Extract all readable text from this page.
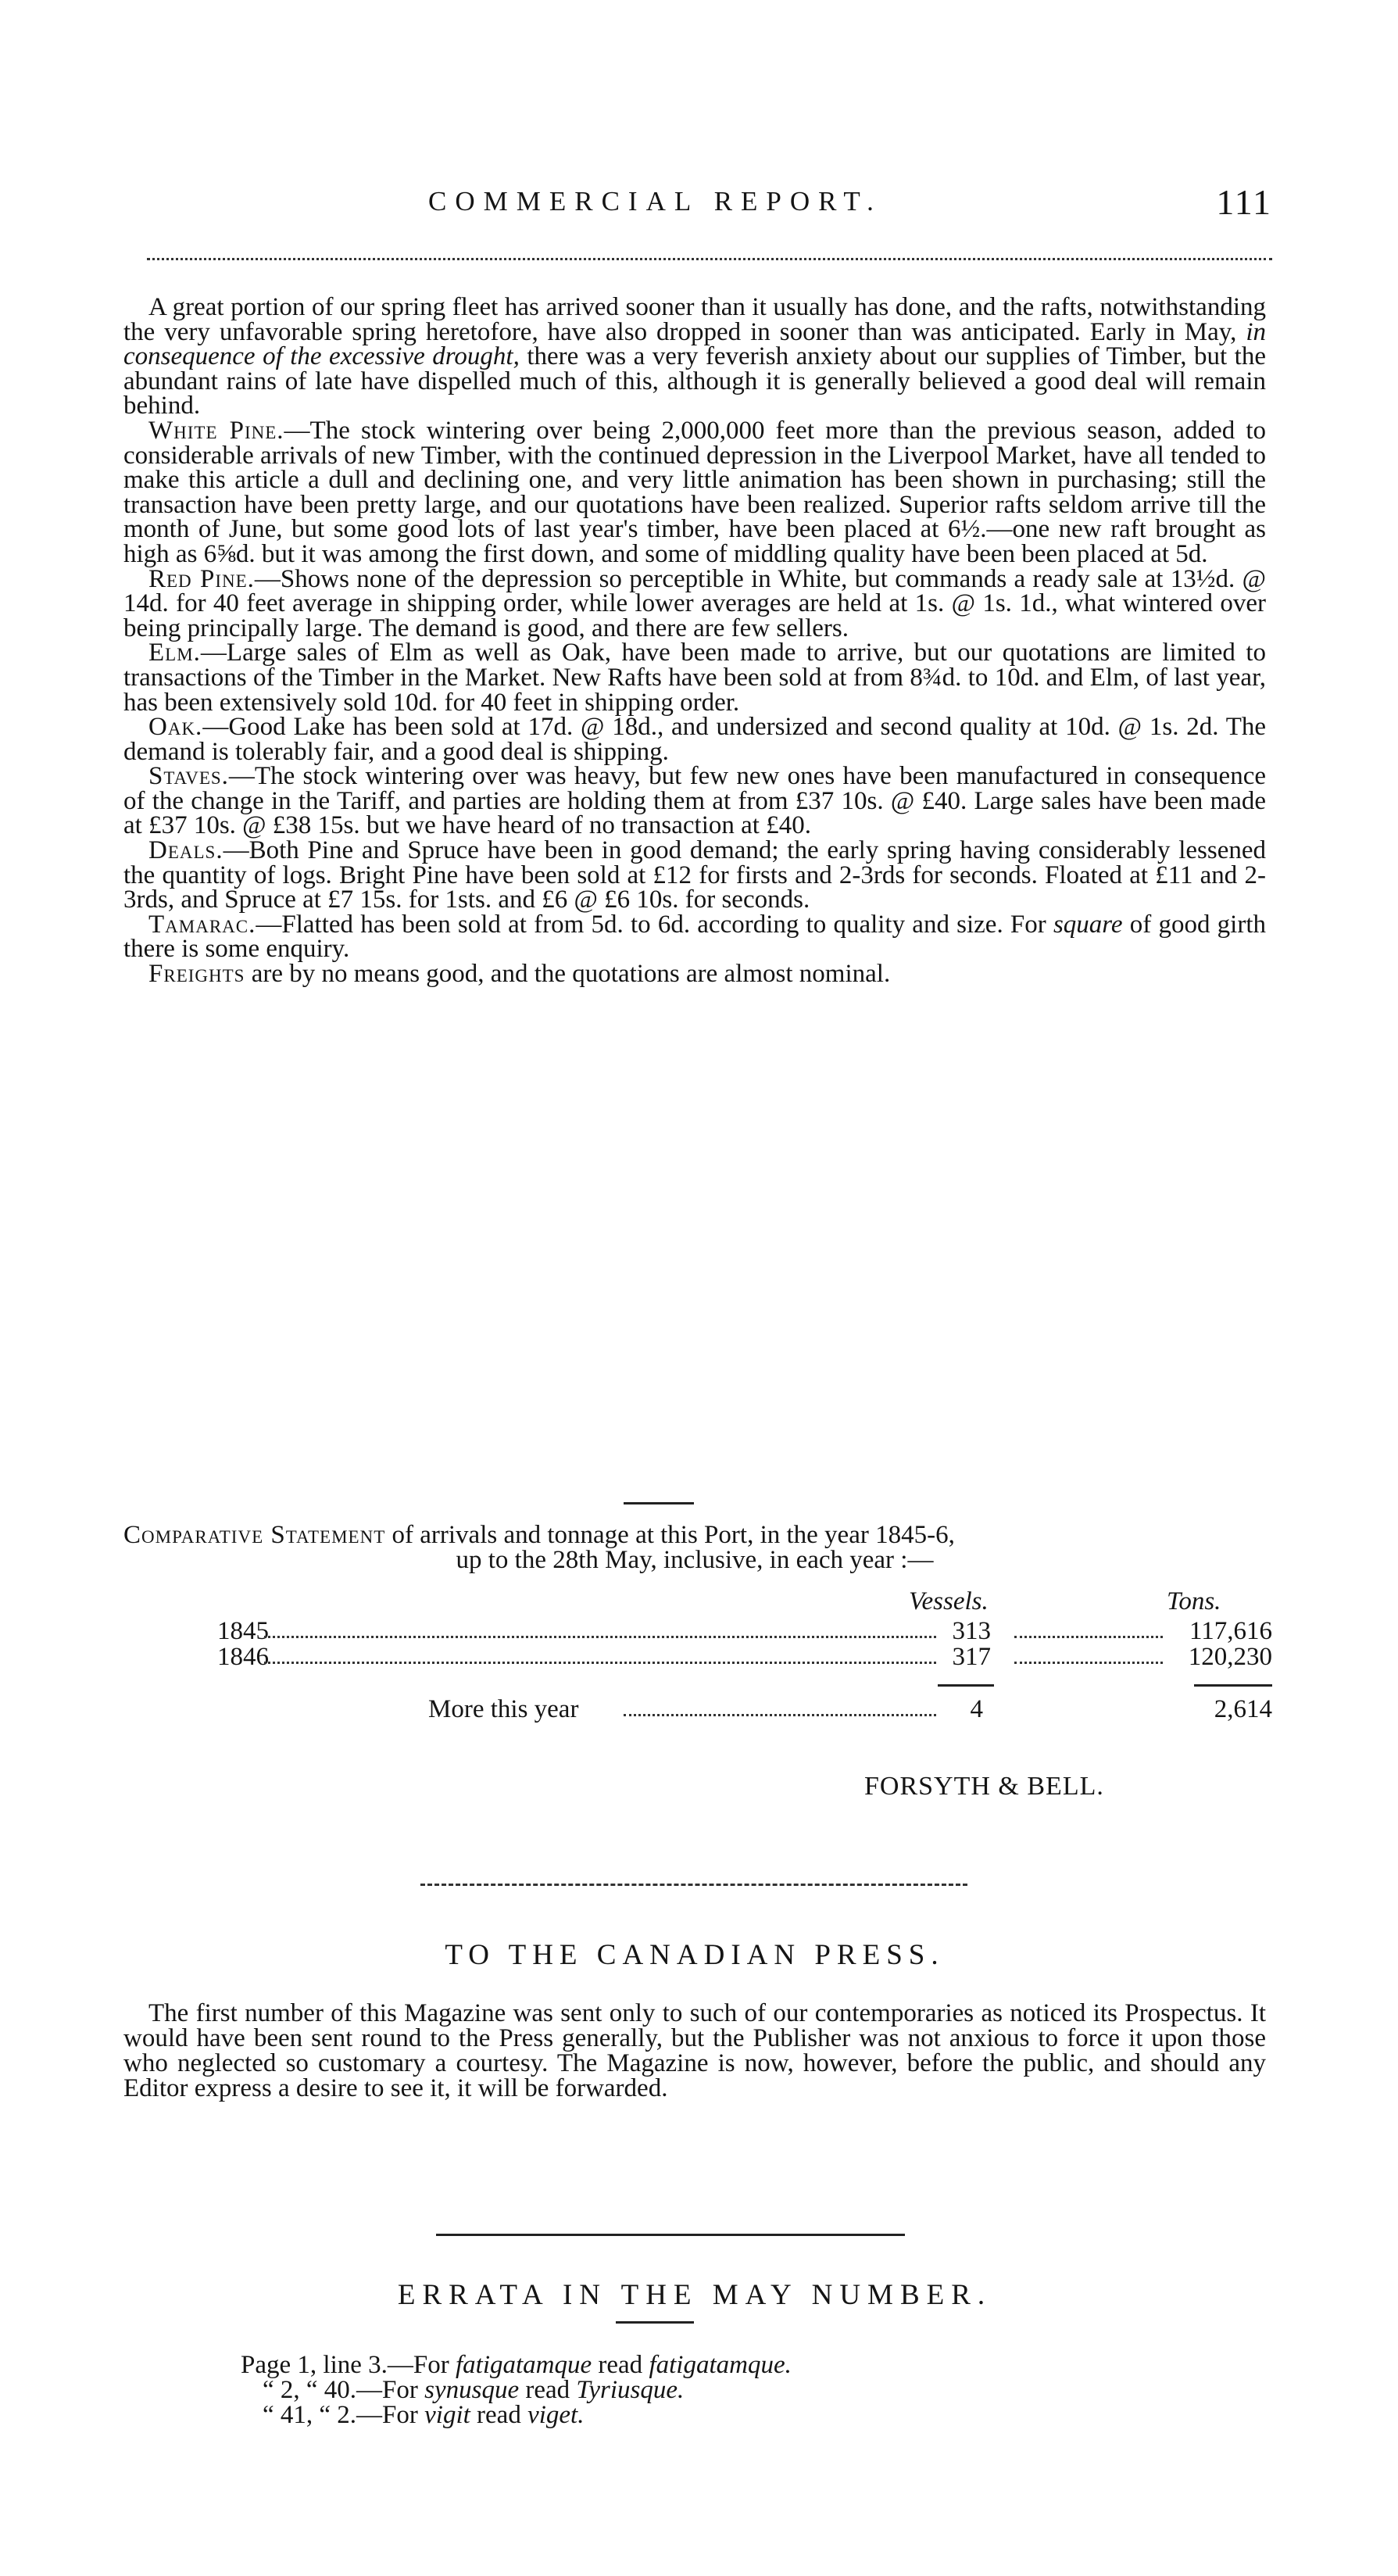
COMMERCIAL REPORT.	111

A great portion of our spring fleet has arrived sooner than it usually has done, and the rafts, notwithstanding the very unfavorable spring heretofore, have also dropped in sooner than was anticipated. Early in May, in consequence of the excessive drought, there was a very feverish anxiety about our supplies of Timber, but the abundant rains of late have dispelled much of this, although it is generally believed a good deal will remain behind.

White Pine.—The stock wintering over being 2,000,000 feet more than the previous season, added to considerable arrivals of new Timber, with the continued depression in the Liverpool Market, have all tended to make this article a dull and declining one, and very little animation has been shown in purchasing; still the transaction have been pretty large, and our quotations have been realized. Superior rafts seldom arrive till the month of June, but some good lots of last year's timber, have been placed at 6½.—one new raft brought as high as 6⅝d. but it was among the first down, and some of middling quality have been been placed at 5d.

Red Pine.—Shows none of the depression so perceptible in White, but commands a ready sale at 13½d. @ 14d. for 40 feet average in shipping order, while lower averages are held at 1s. @ 1s. 1d., what wintered over being principally large. The demand is good, and there are few sellers.

Elm.—Large sales of Elm as well as Oak, have been made to arrive, but our quotations are limited to transactions of the Timber in the Market. New Rafts have been sold at from 8¾d. to 10d. and Elm, of last year, has been extensively sold 10d. for 40 feet in shipping order.

Oak.—Good Lake has been sold at 17d. @ 18d., and undersized and second quality at 10d. @ 1s. 2d. The demand is tolerably fair, and a good deal is shipping.

Staves.—The stock wintering over was heavy, but few new ones have been manufactured in consequence of the change in the Tariff, and parties are holding them at from £37 10s. @ £40. Large sales have been made at £37 10s. @ £38 15s. but we have heard of no transaction at £40.

Deals.—Both Pine and Spruce have been in good demand; the early spring having considerably lessened the quantity of logs. Bright Pine have been sold at £12 for firsts and 2-3rds for seconds. Floated at £11 and 2-3rds, and Spruce at £7 15s. for 1sts. and £6 @ £6 10s. for seconds.

Tamarac.—Flatted has been sold at from 5d. to 6d. according to quality and size. For square of good girth there is some enquiry.

Freights are by no means good, and the quotations are almost nominal.

Comparative Statement of arrivals and tonnage at this Port, in the year 1845-6,

up to the 28th May, inclusive, in each year :—

Vessels.	Tons.
1845	313	117,616
1846	317	120,230
More this year	4	2,614
FORSYTH & BELL.
TO THE CANADIAN PRESS.

The first number of this Magazine was sent only to such of our contemporaries as noticed its Prospectus. It would have been sent round to the Press generally, but the Publisher was not anxious to force it upon those who neglected so customary a courtesy. The Magazine is now, however, before the public, and should any Editor express a desire to see it, it will be forwarded.

ERRATA IN THE MAY NUMBER.
Page 1, line 3.—For fatigatamque read fatigatamque.
“ 2, “ 40.—For synusque read Tyriusque.
“ 41, “ 2.—For vigit read viget.
